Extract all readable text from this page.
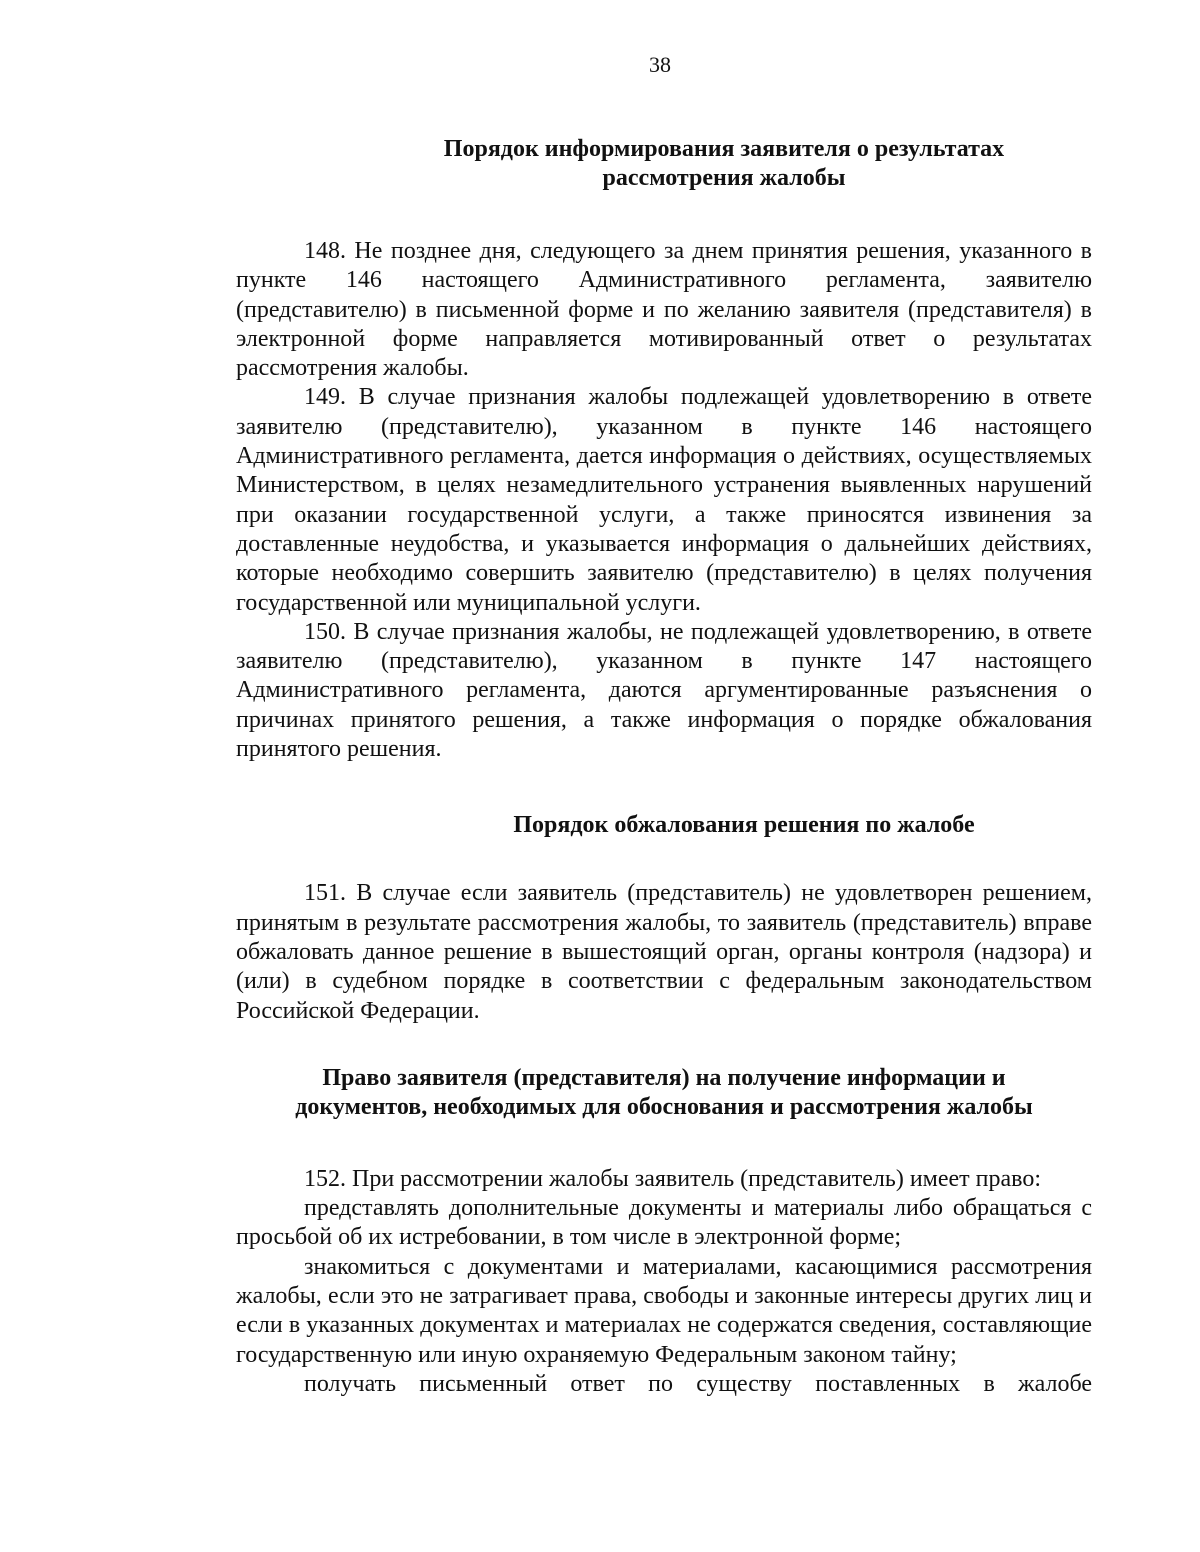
38
Порядок информирования заявителя о результатах
рассмотрения жалобы

148. Не позднее дня, следующего за днем принятия решения, указанного в пункте 146 настоящего Административного регламента, заявителю (представителю) в письменной форме и по желанию заявителя (представителя) в электронной форме направляется мотивированный ответ о результатах рассмотрения жалобы.

149. В случае признания жалобы подлежащей удовлетворению в ответе заявителю (представителю), указанном в пункте 146 настоящего Административного регламента, дается информация о действиях, осуществляемых Министерством, в целях незамедлительного устранения выявленных нарушений при оказании государственной услуги, а также приносятся извинения за доставленные неудобства, и указывается информация о дальнейших действиях, которые необходимо совершить заявителю (представителю) в целях получения государственной или муниципальной услуги.

150. В случае признания жалобы, не подлежащей удовлетворению, в ответе заявителю (представителю), указанном в пункте 147 настоящего Административного регламента, даются аргументированные разъяснения о причинах принятого решения, а также информация о порядке обжалования принятого решения.

Порядок обжалования решения по жалобе

151. В случае если заявитель (представитель) не удовлетворен решением, принятым в результате рассмотрения жалобы, то заявитель (представитель) вправе обжаловать данное решение в вышестоящий орган, органы контроля (надзора) и (или) в судебном порядке в соответствии с федеральным законодательством Российской Федерации.

Право заявителя (представителя) на получение информации и
документов, необходимых для обоснования и рассмотрения жалобы

152. При рассмотрении жалобы заявитель (представитель) имеет право:

представлять дополнительные документы и материалы либо обращаться с просьбой об их истребовании, в том числе в электронной форме;

знакомиться с документами и материалами, касающимися рассмотрения жалобы, если это не затрагивает права, свободы и законные интересы других лиц и если в указанных документах и материалах не содержатся сведения, составляющие государственную или иную охраняемую Федеральным законом тайну;

получать письменный ответ по существу поставленных в жалобе
